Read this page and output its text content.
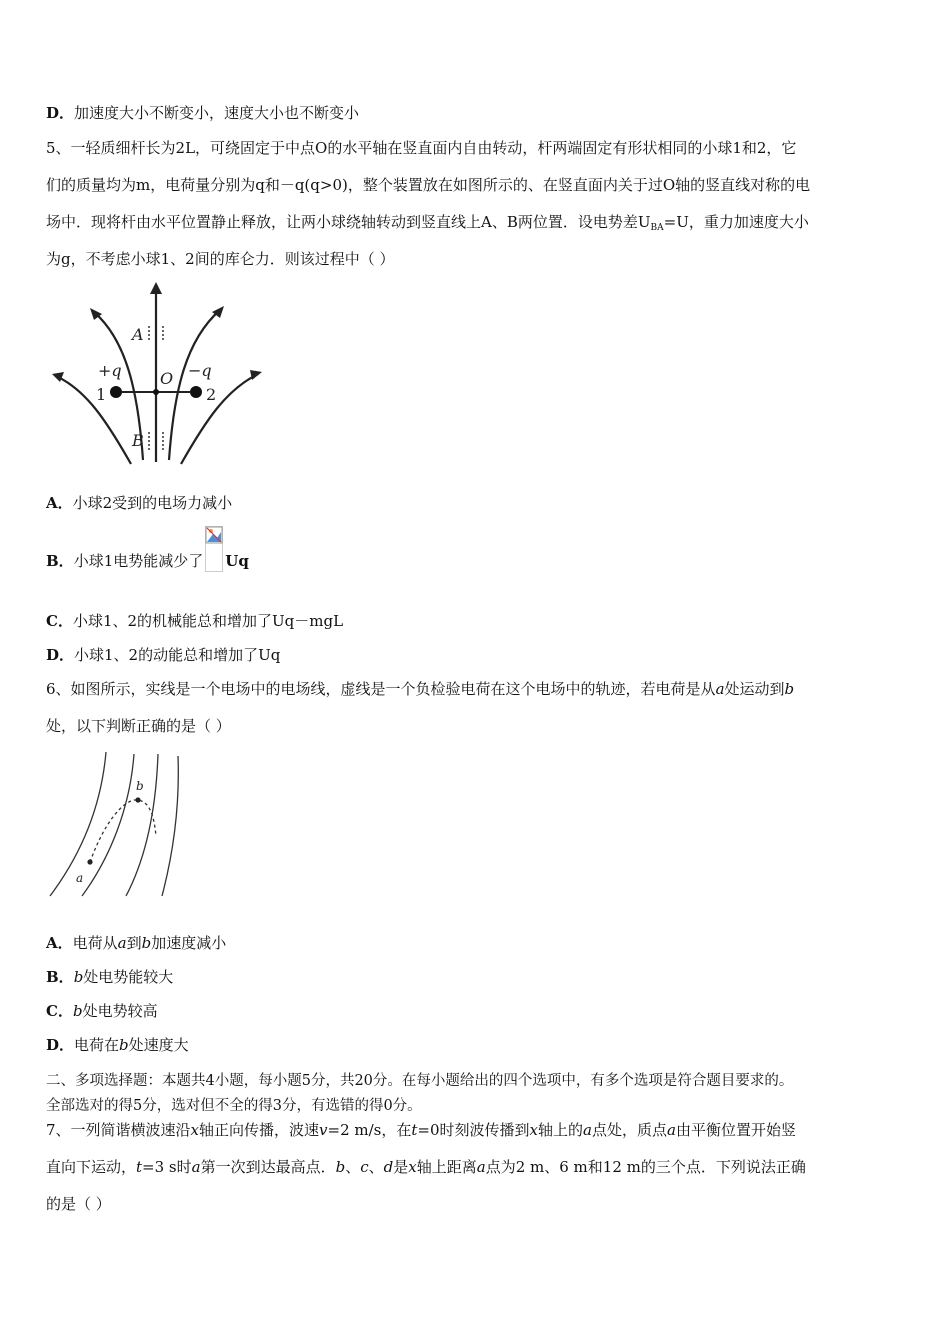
D．加速度大小不断变小，速度大小也不断变小
5、一轻质细杆长为2L，可绕固定于中点O的水平轴在竖直面内自由转动，杆两端固定有形状相同的小球1和2，它
们的质量均为m，电荷量分别为q和－q(q>0)，整个装置放在如图所示的、在竖直面内关于过O轴的竖直线对称的电
场中．现将杆由水平位置静止释放，让两小球绕轴转动到竖直线上A、B两位置．设电势差$U_{BA}=U$，重力加速度大小
为g，不考虑小球1、2间的库仑力．则该过程中（ ）
A
B
O
+q	−q
1	2
A．小球2受到的电场力减小
B．小球1电势能减少了 Uq
C．小球1、2的机械能总和增加了Uq－mgL
D．小球1、2的动能总和增加了Uq
6、如图所示，实线是一个电场中的电场线，虚线是一个负检验电荷在这个电场中的轨迹，若电荷是从a处运动到b
处，以下判断正确的是（ ）
a
b
A．电荷从a到b加速度减小
B．b处电势能较大
C．b处电势较高
D．电荷在b处速度大
二、多项选择题：本题共4小题，每小题5分，共20分。在每小题给出的四个选项中，有多个选项是符合题目要求的。
全部选对的得5分，选对但不全的得3分，有选错的得0分。
7、一列简谐横波速沿x轴正向传播，波速v=2 m/s，在t=0时刻波传播到x轴上的a点处，质点a由平衡位置开始竖
直向下运动，t=3 s时a第一次到达最高点．b、c、d是x轴上距离a点为2 m、6 m和12 m的三个点．下列说法正确
的是（ ）
